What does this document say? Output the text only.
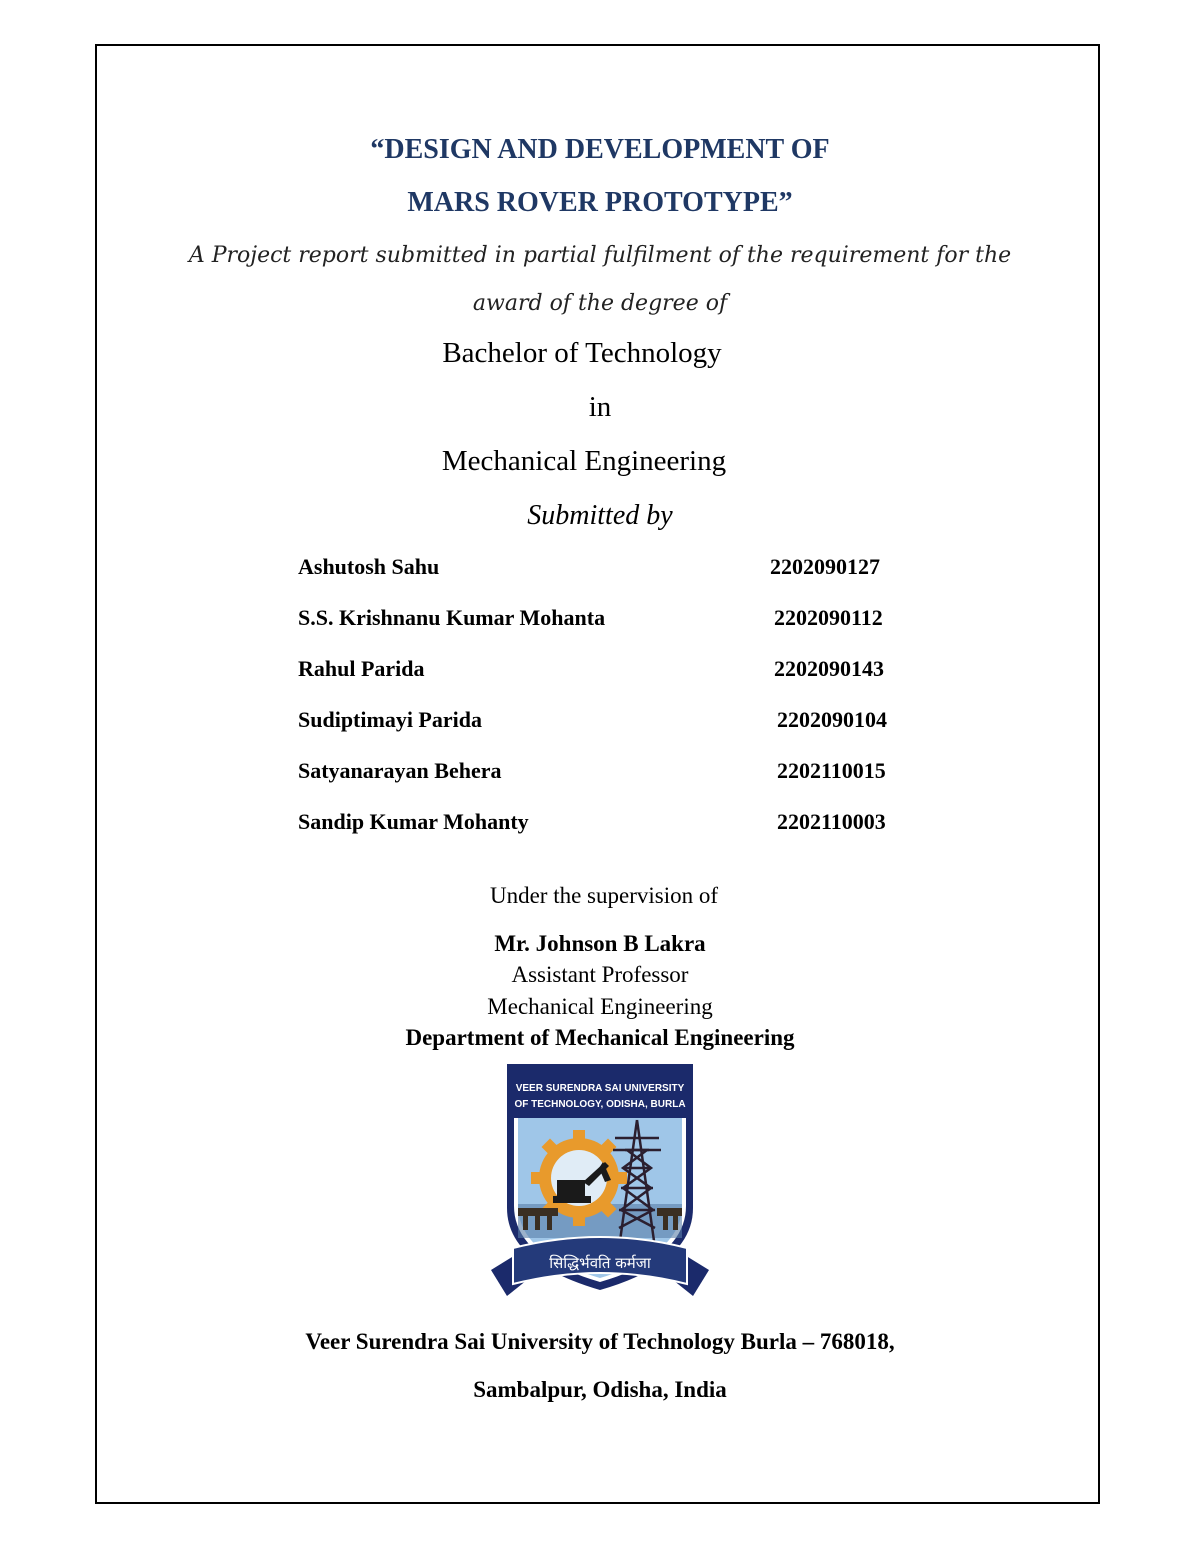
“DESIGN AND DEVELOPMENT OF
MARS ROVER PROTOTYPE”
A Project report submitted in partial fulfilment of the requirement for the
award of the degree of
Bachelor of Technology
in
Mechanical Engineering
Submitted by
Ashutosh Sahu	2202090127
S.S. Krishnanu Kumar Mohanta	2202090112
Rahul Parida	2202090143
Sudiptimayi Parida	2202090104
Satyanarayan Behera	2202110015
Sandip Kumar Mohanty	2202110003
Under the supervision of
Mr. Johnson B Lakra
Assistant Professor
Mechanical Engineering
Department of Mechanical Engineering
VEER SURENDRA SAI UNIVERSITY
OF TECHNOLOGY, ODISHA, BURLA
सिद्धिर्भवति कर्मजा
Veer Surendra Sai University of Technology Burla – 768018,
Sambalpur, Odisha, India
